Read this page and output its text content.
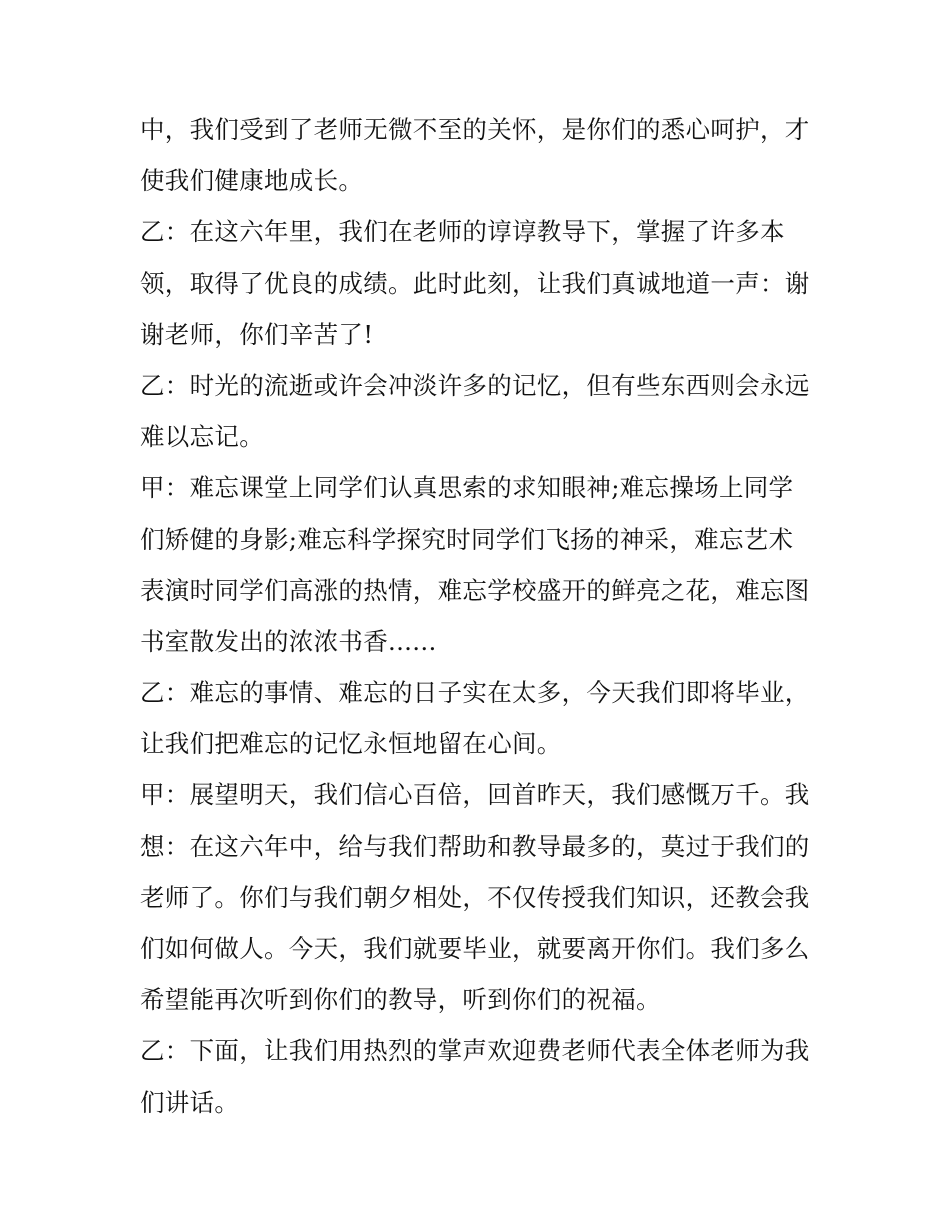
中，我们受到了老师无微不至的关怀，是你们的悉心呵护，才
使我们健康地成长。
乙：在这六年里，我们在老师的谆谆教导下，掌握了许多本
领，取得了优良的成绩。此时此刻，让我们真诚地道一声：谢
谢老师，你们辛苦了!
乙：时光的流逝或许会冲淡许多的记忆，但有些东西则会永远
难以忘记。
甲：难忘课堂上同学们认真思索的求知眼神;难忘操场上同学
们矫健的身影;难忘科学探究时同学们飞扬的神采，难忘艺术
表演时同学们高涨的热情，难忘学校盛开的鲜亮之花，难忘图
书室散发出的浓浓书香......
乙：难忘的事情、难忘的日子实在太多，今天我们即将毕业，
让我们把难忘的记忆永恒地留在心间。
甲：展望明天，我们信心百倍，回首昨天，我们感慨万千。我
想：在这六年中，给与我们帮助和教导最多的，莫过于我们的
老师了。你们与我们朝夕相处，不仅传授我们知识，还教会我
们如何做人。今天，我们就要毕业，就要离开你们。我们多么
希望能再次听到你们的教导，听到你们的祝福。
乙：下面，让我们用热烈的掌声欢迎费老师代表全体老师为我
们讲话。
